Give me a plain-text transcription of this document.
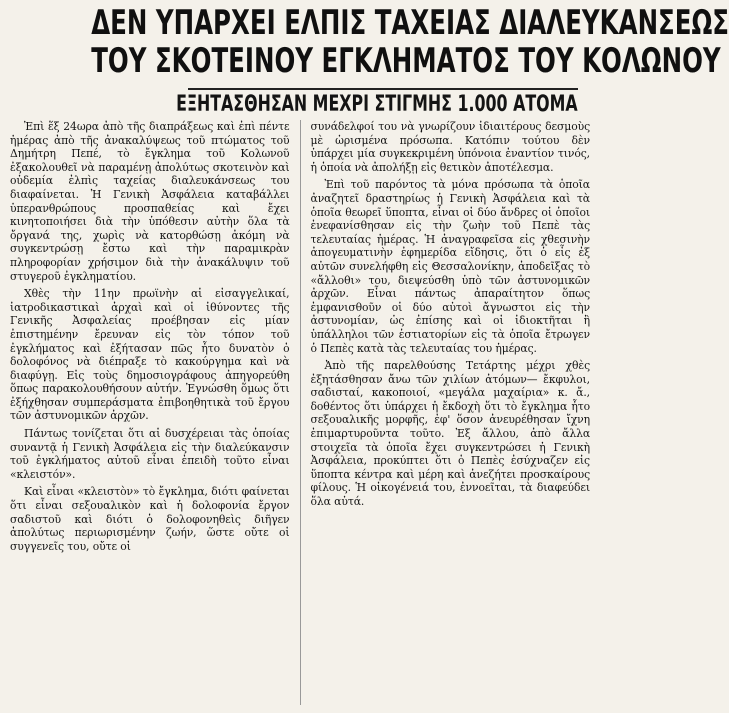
ΔΕΝ ΥΠΑΡΧΕΙ ΕΛΠΙΣ ΤΑΧΕΙΑΣ ΔΙΑΛΕΥΚΑΝΣΕΩΣ
ΤΟΥ ΣΚΟΤΕΙΝΟΥ ΕΓΚΛΗΜΑΤΟΣ ΤΟΥ ΚΟΛΩΝΟΥ
ΕΞΗΤΑΣΘΗΣΑΝ ΜΕΧΡΙ ΣΤΙΓΜΗΣ 1.000 ΑΤΟΜΑ

Ἐπὶ ἕξ 24ωρα ἀπὸ τῆς διαπράξεως καὶ ἐπὶ πέντε ἡμέρας ἀπὸ τῆς ἀνακαλύψεως τοῦ πτώματος τοῦ Δημήτρη Πεπέ, τὸ ἔγκλημα τοῦ Κολωνοῦ ἐξακολουθεῖ νὰ παραμένῃ ἀπολύτως σκοτεινὸν καὶ οὐδεμία ἐλπὶς ταχείας διαλευκάνσεως του διαφαίνεται. Ἡ Γενικὴ Ἀσφάλεια καταβάλλει ὑπερανθρώπους προσπαθείας καὶ ἔχει κινητοποιήσει διὰ τὴν ὑπόθεσιν αὐτὴν ὅλα τὰ ὄργανά της, χωρὶς νὰ κατορθώσῃ ἀκόμη νὰ συγκεντρώσῃ ἔστω καὶ τὴν παραμικρὰν πληροφορίαν χρήσιμον διὰ τὴν ἀνακάλυψιν τοῦ στυγεροῦ ἐγκληματίου.

Χθὲς τὴν 11ην πρωϊνὴν αἱ εἰσαγγελικαί, ἰατροδικαστικαὶ ἀρχαὶ καὶ οἱ ἰθύνοντες τῆς Γενικῆς Ἀσφαλείας προέβησαν εἰς μίαν ἐπιστημένην ἔρευναν εἰς τὸν τόπον τοῦ ἐγκλήματος καὶ ἐξήτασαν πῶς ἦτο δυνατὸν ὁ δολοφόνος νὰ διέπραξε τὸ κακούργημα καὶ νὰ διαφύγῃ. Εἰς τοὺς δημοσιογράφους ἀπηγορεύθη ὅπως παρακολουθήσουν αὐτήν. Ἐγνώσθη ὅμως ὅτι ἐξήχθησαν συμπεράσματα ἐπιβοηθητικὰ τοῦ ἔργου τῶν ἀστυνομικῶν ἀρχῶν.

Πάντως τονίζεται ὅτι αἱ δυσχέρειαι τὰς ὁποίας συναντᾷ ἡ Γενικὴ Ἀσφάλεια εἰς τὴν διαλεύκανσιν τοῦ ἐγκλήματος αὐτοῦ εἶναι ἐπειδὴ τοῦτο εἶναι «κλειστόν».

Καὶ εἶναι «κλειστὸν» τὸ ἔγκλημα, διότι φαίνεται ὅτι εἶναι σεξουαλικὸν καὶ ἡ δολοφονία ἔργον σαδιστοῦ καὶ διότι ὁ δολοφονηθεὶς διῆγεν ἀπολύτως περιωρισμένην ζωήν, ὥστε οὔτε οἱ συγγενεῖς του, οὔτε οἱ

συνάδελφοί του νὰ γνωρίζουν ἰδιαιτέρους δεσμοὺς μὲ ὡρισμένα πρόσωπα. Κατόπιν τούτου δὲν ὑπάρχει μία συγκεκριμένη ὑπόνοια ἐναντίον τινός, ἡ ὁποία νὰ ἀπολήξῃ εἰς θετικὸν ἀποτέλεσμα.

Ἐπὶ τοῦ παρόντος τὰ μόνα πρόσωπα τὰ ὁποῖα ἀναζητεῖ δραστηρίως ἡ Γενικὴ Ἀσφάλεια καὶ τὰ ὁποῖα θεωρεῖ ὕποπτα, εἶναι οἱ δύο ἄνδρες οἱ ὁποῖοι ἐνεφανίσθησαν εἰς τὴν ζωὴν τοῦ Πεπὲ τὰς τελευταίας ἡμέρας. Ἡ ἀναγραφεῖσα εἰς χθεσινὴν ἀπογευματινὴν ἐφημερίδα εἴδησις, ὅτι ὁ εἷς ἐξ αὐτῶν συνελήφθη εἰς Θεσσαλονίκην, ἀποδεῖξας τὸ «ἄλλοθι» του, διεψεύσθη ὑπὸ τῶν ἀστυνομικῶν ἀρχῶν. Εἶναι πάντως ἀπαραίτητον ὅπως ἐμφανισθοῦν οἱ δύο αὐτοὶ ἄγνωστοι εἰς τὴν ἀστυνομίαν, ὡς ἐπίσης καὶ οἱ ἰδιοκτῆται ἢ ὑπάλληλοι τῶν ἑστιατορίων εἰς τὰ ὁποῖα ἔτρωγεν ὁ Πεπὲς κατὰ τὰς τελευταίας του ἡμέρας.

Ἀπὸ τῆς παρελθούσης Τετάρτης μέχρι χθὲς ἐξητάσθησαν ἄνω τῶν χιλίων ἀτόμων— ἔκφυλοι, σαδισταί, κακοποιοί, «μεγάλα μαχαίρια» κ. ἄ., δοθέντος ὅτι ὑπάρχει ἡ ἔκδοχὴ ὅτι τὸ ἔγκλημα ἦτο σεξουαλικῆς μορφῆς, ἐφ' ὅσον ἀνευρέθησαν ἴχνη ἐπιμαρτυροῦντα τοῦτο. Ἐξ ἄλλου, ἀπὸ ἄλλα στοιχεῖα τὰ ὁποῖα ἔχει συγκεντρώσει ἡ Γενικὴ Ἀσφάλεια, προκύπτει ὅτι ὁ Πεπὲς ἐσύχναζεν εἰς ὕποπτα κέντρα καὶ μέρη καὶ ἀνεζήτει προσκαίρους φίλους. Ἡ οἰκογένειά του, ἐννοεῖται, τὰ διαφεύδει ὅλα αὐτά.
